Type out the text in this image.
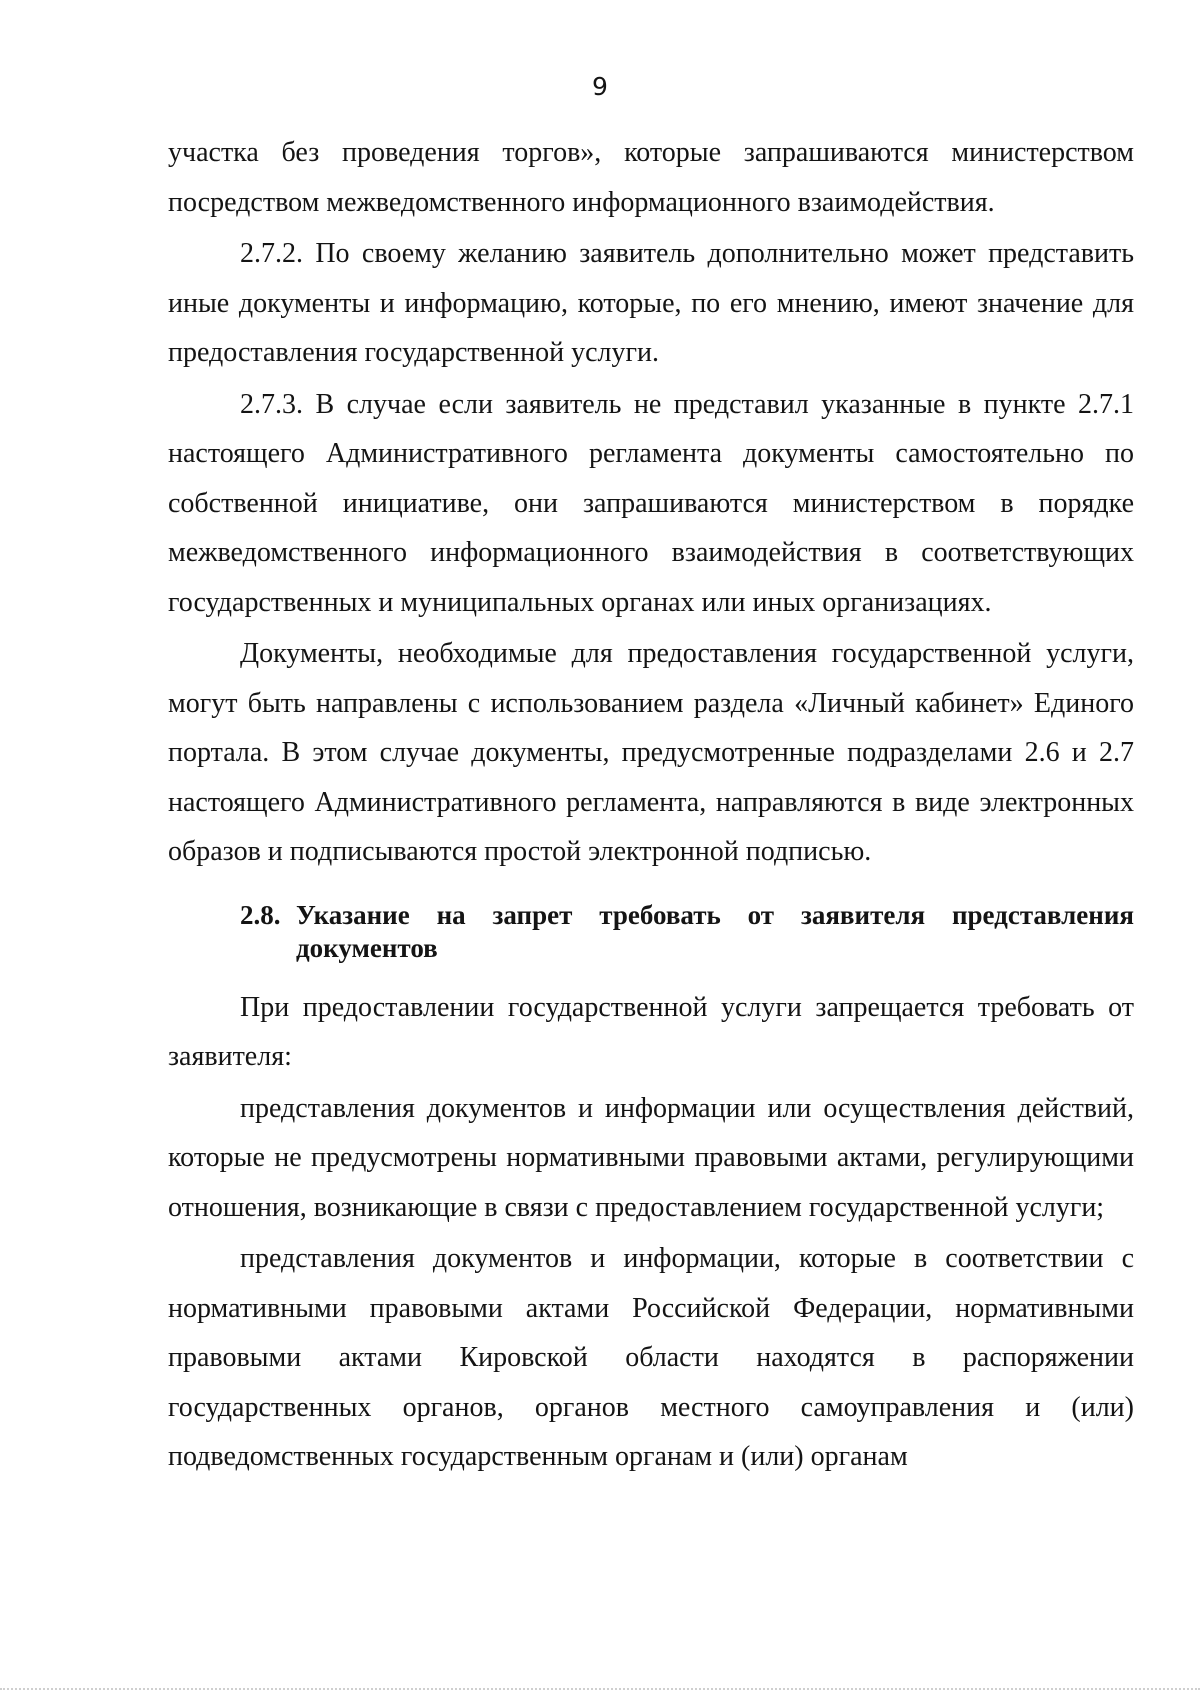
9

участка без проведения торгов», которые запрашиваются министерством посредством межведомственного информационного взаимодействия.

2.7.2. По своему желанию заявитель дополнительно может представить иные документы и информацию, которые, по его мнению, имеют значение для предоставления государственной услуги.

2.7.3. В случае если заявитель не представил указанные в пункте 2.7.1 настоящего Административного регламента документы самостоятельно по собственной инициативе, они запрашиваются министерством в порядке межведомственного информационного взаимодействия в соответствующих государственных и муниципальных органах или иных организациях.

Документы, необходимые для предоставления государственной услуги, могут быть направлены с использованием раздела «Личный кабинет» Единого портала. В этом случае документы, предусмотренные подразделами 2.6 и 2.7 настоящего Административного регламента, направляются в виде электронных образов и подписываются простой электронной подписью.

2.8. Указание на запрет требовать от заявителя представления документов

При предоставлении государственной услуги запрещается требовать от заявителя:

представления документов и информации или осуществления действий, которые не предусмотрены нормативными правовыми актами, регулирующими отношения, возникающие в связи с предоставлением государственной услуги;

представления документов и информации, которые в соответствии с нормативными правовыми актами Российской Федерации, нормативными правовыми актами Кировской области находятся в распоряжении государственных органов, органов местного самоуправления и (или) подведомственных государственным органам и (или) органам
